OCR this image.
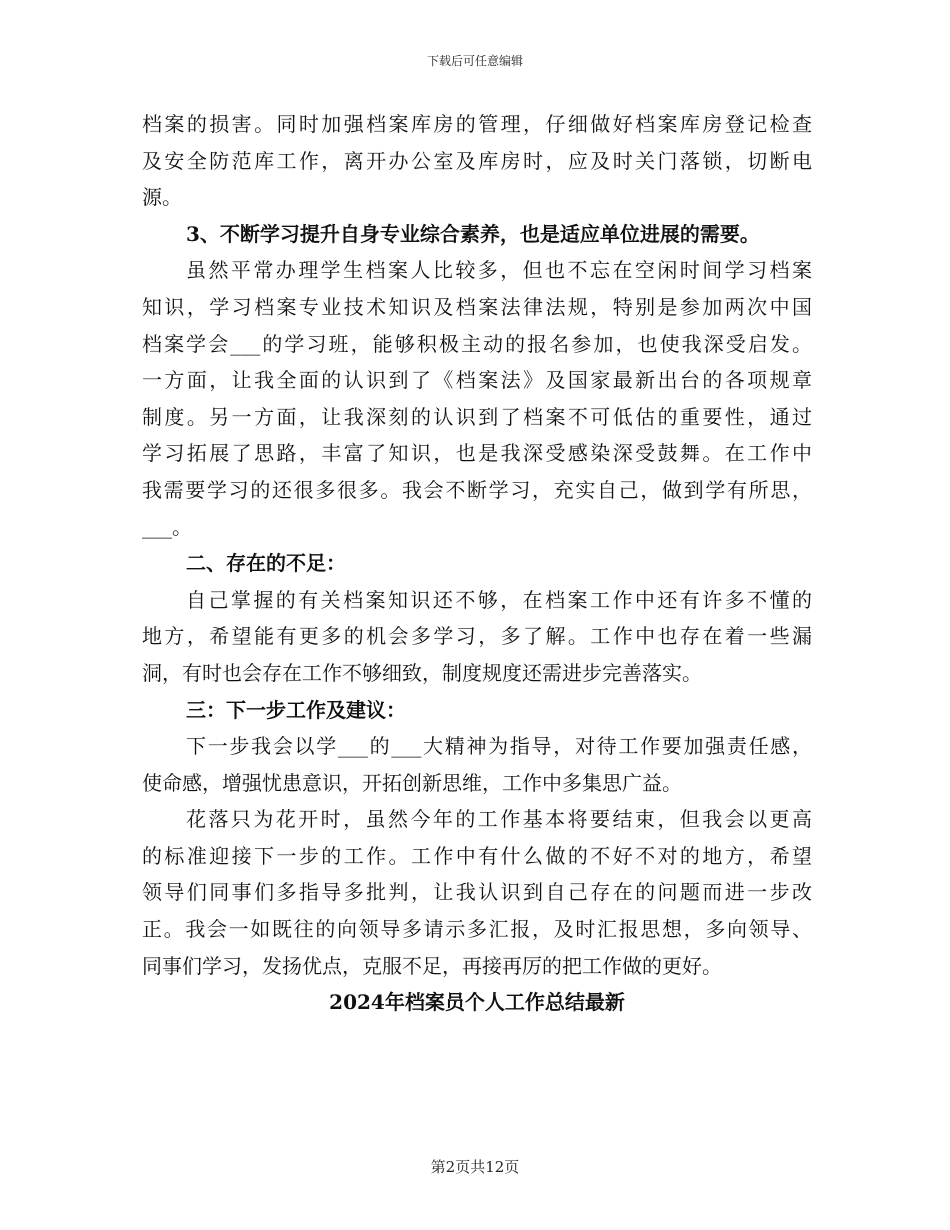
下载后可任意编辑

档案的损害。同时加强档案库房的管理，仔细做好档案库房登记检查
及安全防范库工作，离开办公室及库房时，应及时关门落锁，切断电
源。

3、不断学习提升自身专业综合素养，也是适应单位进展的需要。

虽然平常办理学生档案人比较多，但也不忘在空闲时间学习档案
知识，学习档案专业技术知识及档案法律法规，特别是参加两次中国
档案学会___的学习班，能够积极主动的报名参加，也使我深受启发。
一方面，让我全面的认识到了《档案法》及国家最新出台的各项规章
制度。另一方面，让我深刻的认识到了档案不可低估的重要性，通过
学习拓展了思路，丰富了知识，也是我深受感染深受鼓舞。在工作中
我需要学习的还很多很多。我会不断学习，充实自己，做到学有所思，
___。

二、存在的不足：

自己掌握的有关档案知识还不够，在档案工作中还有许多不懂的
地方，希望能有更多的机会多学习，多了解。工作中也存在着一些漏
洞，有时也会存在工作不够细致，制度规度还需进步完善落实。

三：下一步工作及建议：

下一步我会以学___的___大精神为指导，对待工作要加强责任感，
使命感，增强忧患意识，开拓创新思维，工作中多集思广益。

花落只为花开时，虽然今年的工作基本将要结束，但我会以更高
的标准迎接下一步的工作。工作中有什么做的不好不对的地方，希望
领导们同事们多指导多批判，让我认识到自己存在的问题而进一步改
正。我会一如既往的向领导多请示多汇报，及时汇报思想，多向领导、
同事们学习，发扬优点，克服不足，再接再厉的把工作做的更好。

2024年档案员个人工作总结最新

第2页共12页
